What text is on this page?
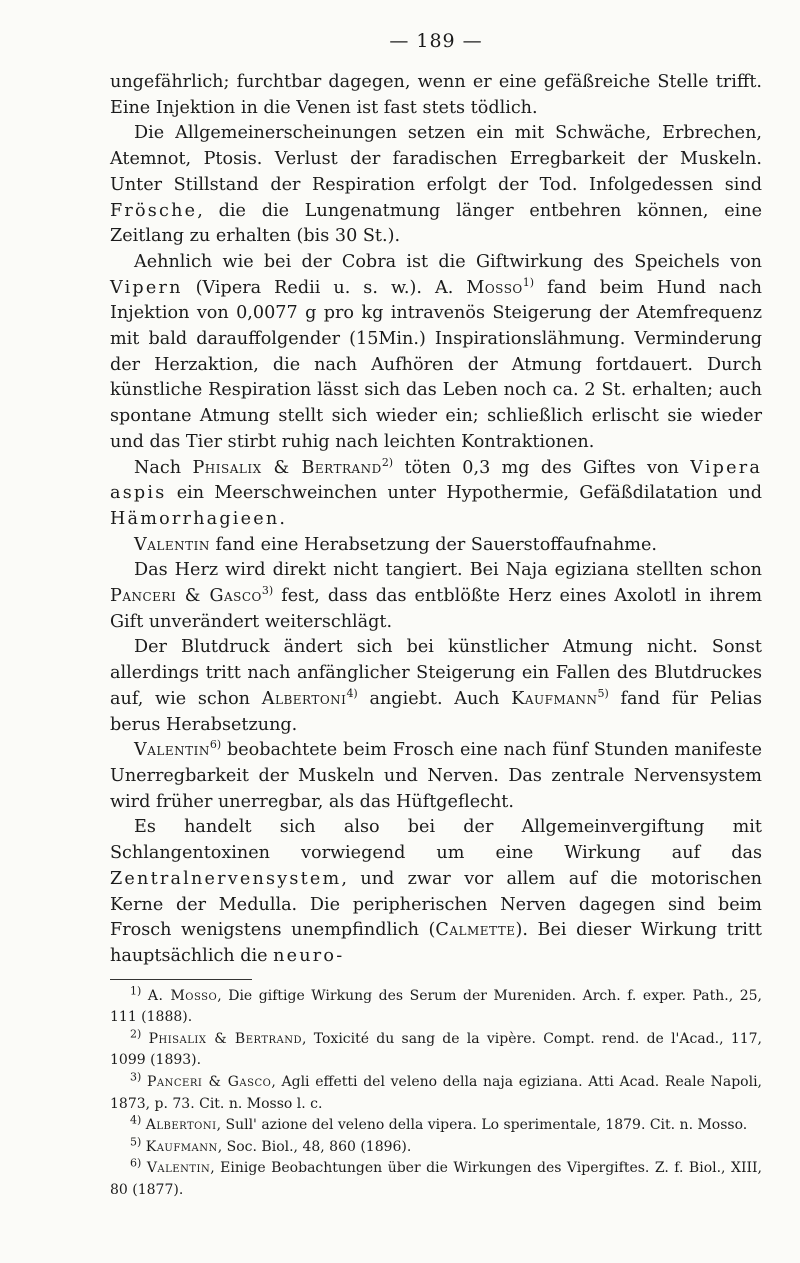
— 189 —

ungefährlich; furchtbar dagegen, wenn er eine gefäßreiche Stelle trifft. Eine Injektion in die Venen ist fast stets tödlich.

Die Allgemeinerscheinungen setzen ein mit Schwäche, Erbrechen, Atemnot, Ptosis. Verlust der faradischen Erregbarkeit der Muskeln. Unter Stillstand der Respiration erfolgt der Tod. Infolgedessen sind Frösche, die die Lungenatmung länger entbehren können, eine Zeitlang zu erhalten (bis 30 St.).

Aehnlich wie bei der Cobra ist die Giftwirkung des Speichels von Vipern (Vipera Redii u. s. w.). A. Mosso$^{1)}$ fand beim Hund nach Injektion von 0,0077 g pro kg intravenös Steigerung der Atemfrequenz mit bald darauffolgender (15Min.) Inspirationslähmung. Verminderung der Herzaktion, die nach Aufhören der Atmung fortdauert. Durch künstliche Respiration lässt sich das Leben noch ca. 2 St. erhalten; auch spontane Atmung stellt sich wieder ein; schließlich erlischt sie wieder und das Tier stirbt ruhig nach leichten Kontraktionen.

Nach Phisalix & Bertrand$^{2)}$ töten 0,3 mg des Giftes von Vipera aspis ein Meerschweinchen unter Hypothermie, Gefäßdilatation und Hämorrhagieen.

Valentin fand eine Herabsetzung der Sauerstoffaufnahme.

Das Herz wird direkt nicht tangiert. Bei Naja egiziana stellten schon Panceri & Gasco$^{3)}$ fest, dass das entblößte Herz eines Axolotl in ihrem Gift unverändert weiterschlägt.

Der Blutdruck ändert sich bei künstlicher Atmung nicht. Sonst allerdings tritt nach anfänglicher Steigerung ein Fallen des Blutdruckes auf, wie schon Albertoni$^{4)}$ angiebt. Auch Kaufmann$^{5)}$ fand für Pelias berus Herabsetzung.

Valentin$^{6)}$ beobachtete beim Frosch eine nach fünf Stunden manifeste Unerregbarkeit der Muskeln und Nerven. Das zentrale Nervensystem wird früher unerregbar, als das Hüftgeflecht.

Es handelt sich also bei der Allgemeinvergiftung mit Schlangentoxinen vorwiegend um eine Wirkung auf das Zentralnervensystem, und zwar vor allem auf die motorischen Kerne der Medulla. Die peripherischen Nerven dagegen sind beim Frosch wenigstens unempfindlich (Calmette). Bei dieser Wirkung tritt hauptsächlich die neuro-

$^{1)}$ A. Mosso, Die giftige Wirkung des Serum der Mureniden. Arch. f. exper. Path., 25, 111 (1888).

$^{2)}$ Phisalix & Bertrand, Toxicité du sang de la vipère. Compt. rend. de l'Acad., 117, 1099 (1893).

$^{3)}$ Panceri & Gasco, Agli effetti del veleno della naja egiziana. Atti Acad. Reale Napoli, 1873, p. 73. Cit. n. Mosso l. c.

$^{4)}$ Albertoni, Sull' azione del veleno della vipera. Lo sperimentale, 1879. Cit. n. Mosso.

$^{5)}$ Kaufmann, Soc. Biol., 48, 860 (1896).

$^{6)}$ Valentin, Einige Beobachtungen über die Wirkungen des Vipergiftes. Z. f. Biol., XIII, 80 (1877).
